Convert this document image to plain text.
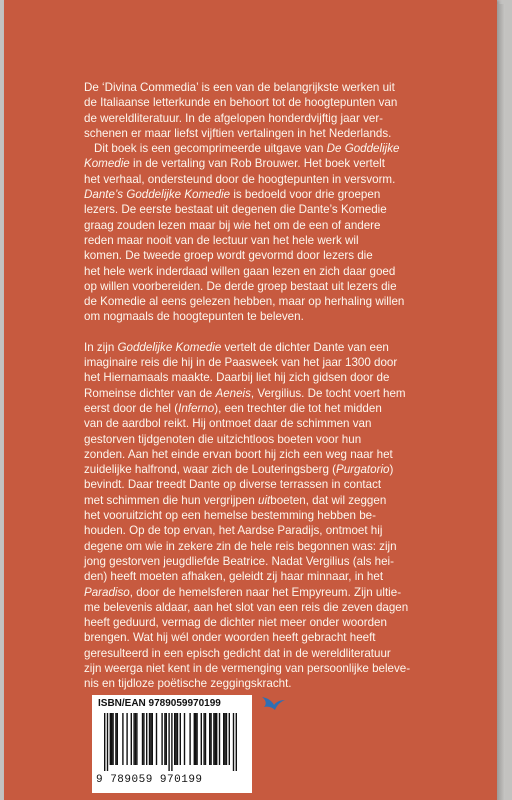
De ‘Divina Commedia’ is een van de belangrijkste werken uit
de Italiaanse letterkunde en behoort tot de hoogtepunten van
de wereldliteratuur. In de afgelopen honderdvijftig jaar ver-
schenen er maar liefst vijftien vertalingen in het Nederlands.

Dit boek is een gecomprimeerde uitgave van De Goddelijke
Komedie in de vertaling van Rob Brouwer. Het boek vertelt
het verhaal, ondersteund door de hoogtepunten in versvorm.
Dante’s Goddelijke Komedie is bedoeld voor drie groepen
lezers. De eerste bestaat uit degenen die Dante’s Komedie
graag zouden lezen maar bij wie het om de een of andere
reden maar nooit van de lectuur van het hele werk wil
komen. De tweede groep wordt gevormd door lezers die
het hele werk inderdaad willen gaan lezen en zich daar goed
op willen voorbereiden. De derde groep bestaat uit lezers die
de Komedie al eens gelezen hebben, maar op herhaling willen
om nogmaals de hoogtepunten te beleven.

In zijn Goddelijke Komedie vertelt de dichter Dante van een
imaginaire reis die hij in de Paasweek van het jaar 1300 door
het Hiernamaals maakte. Daarbij liet hij zich gidsen door de
Romeinse dichter van de Aeneis, Vergilius. De tocht voert hem
eerst door de hel (Inferno), een trechter die tot het midden
van de aardbol reikt. Hij ontmoet daar de schimmen van
gestorven tijdgenoten die uitzichtloos boeten voor hun
zonden. Aan het einde ervan boort hij zich een weg naar het
zuidelijke halfrond, waar zich de Louteringsberg (Purgatorio)
bevindt. Daar treedt Dante op diverse terrassen in contact
met schimmen die hun vergrijpen uitboeten, dat wil zeggen
het vooruitzicht op een hemelse bestemming hebben be-
houden. Op de top ervan, het Aardse Paradijs, ontmoet hij
degene om wie in zekere zin de hele reis begonnen was: zijn
jong gestorven jeugdliefde Beatrice. Nadat Vergilius (als hei-
den) heeft moeten afhaken, geleidt zij haar minnaar, in het
Paradiso, door de hemelsferen naar het Empyreum. Zijn ultie-
me belevenis aldaar, aan het slot van een reis die zeven dagen
heeft geduurd, vermag de dichter niet meer onder woorden
brengen. Wat hij wél onder woorden heeft gebracht heeft
geresulteerd in een episch gedicht dat in de wereldliteratuur
zijn weerga niet kent in de vermenging van persoonlijke beleve-
nis en tijdloze poëtische zeggingskracht.

ISBN/EAN 9789059970199
9 789059 970199
